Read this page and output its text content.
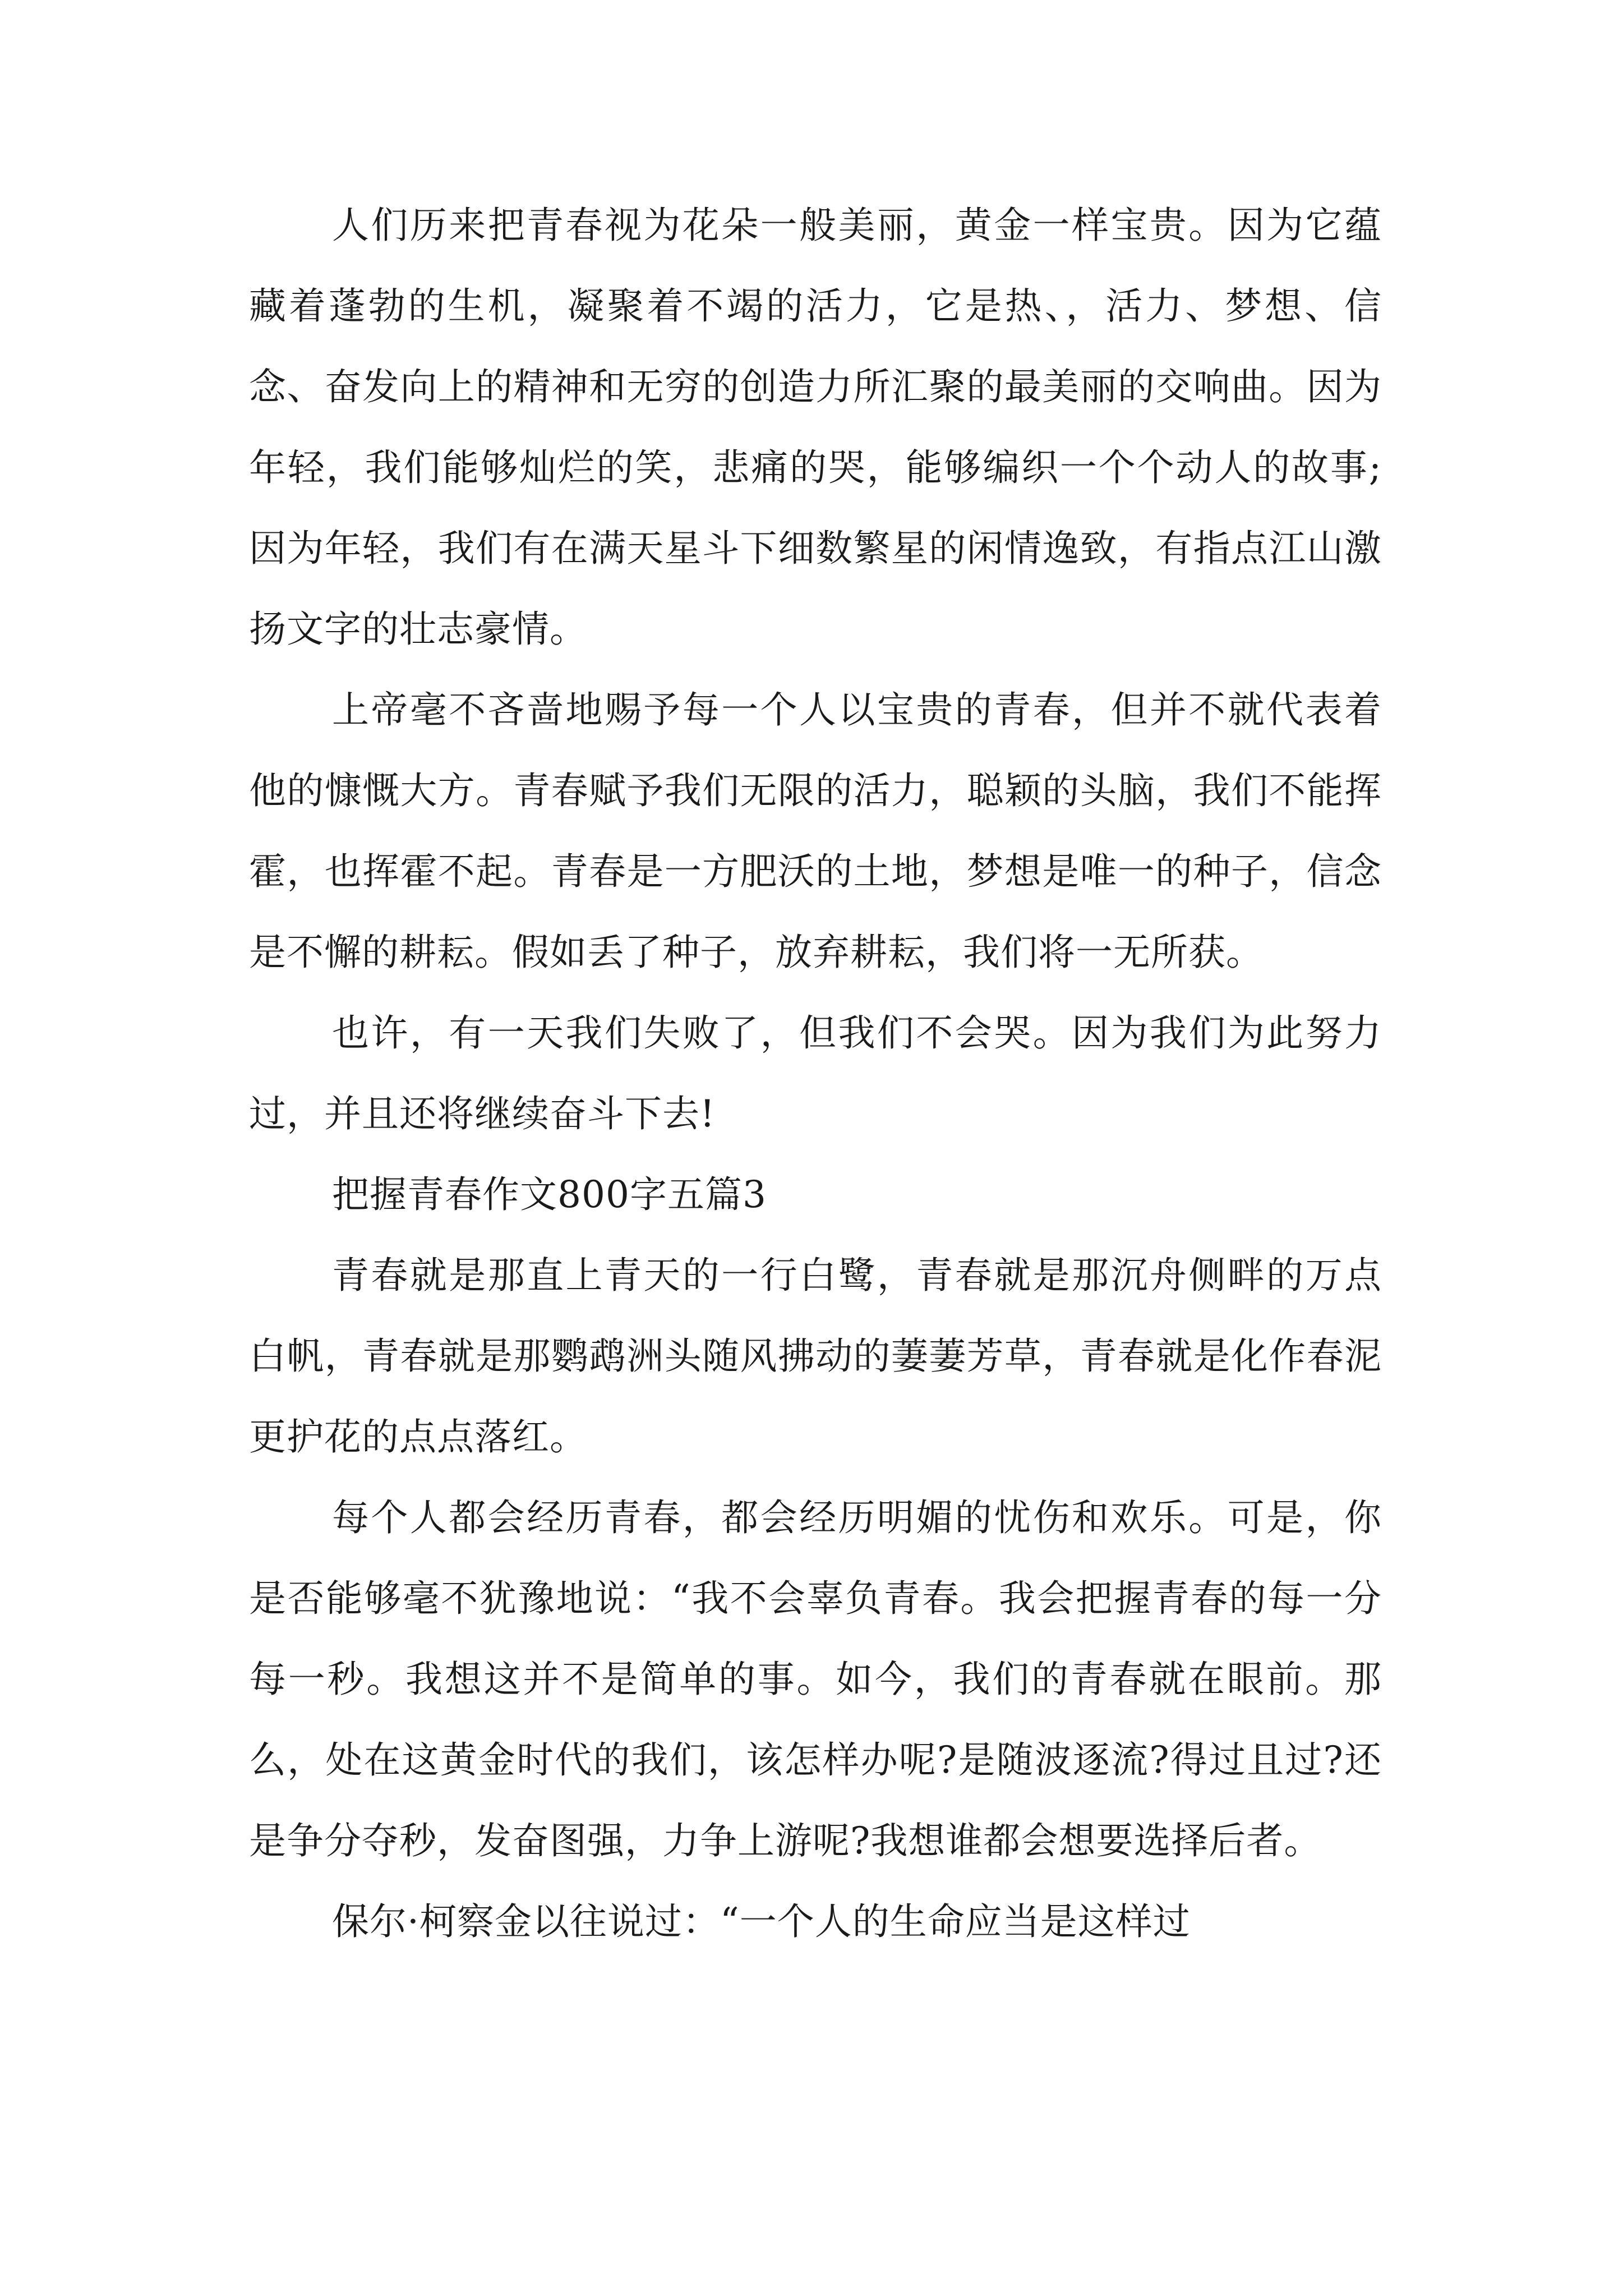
人们历来把青春视为花朵一般美丽，黄金一样宝贵。因为它蕴藏着蓬勃的生机，凝聚着不竭的活力，它是热、，活力、梦想、信念、奋发向上的精神和无穷的创造力所汇聚的最美丽的交响曲。因为年轻，我们能够灿烂的笑，悲痛的哭，能够编织一个个动人的故事;因为年轻，我们有在满天星斗下细数繁星的闲情逸致，有指点江山激扬文字的壮志豪情。

上帝毫不吝啬地赐予每一个人以宝贵的青春，但并不就代表着他的慷慨大方。青春赋予我们无限的活力，聪颖的头脑，我们不能挥霍，也挥霍不起。青春是一方肥沃的土地，梦想是唯一的种子，信念是不懈的耕耘。假如丢了种子，放弃耕耘，我们将一无所获。

也许，有一天我们失败了，但我们不会哭。因为我们为此努力过，并且还将继续奋斗下去!

把握青春作文800字五篇3

青春就是那直上青天的一行白鹭，青春就是那沉舟侧畔的万点白帆，青春就是那鹦鹉洲头随风拂动的萋萋芳草，青春就是化作春泥更护花的点点落红。

每个人都会经历青春，都会经历明媚的忧伤和欢乐。可是，你是否能够毫不犹豫地说：“我不会辜负青春。我会把握青春的每一分每一秒。我想这并不是简单的事。如今，我们的青春就在眼前。那么，处在这黄金时代的我们，该怎样办呢?是随波逐流?得过且过?还是争分夺秒，发奋图强，力争上游呢?我想谁都会想要选择后者。

保尔·柯察金以往说过：“一个人的生命应当是这样过
